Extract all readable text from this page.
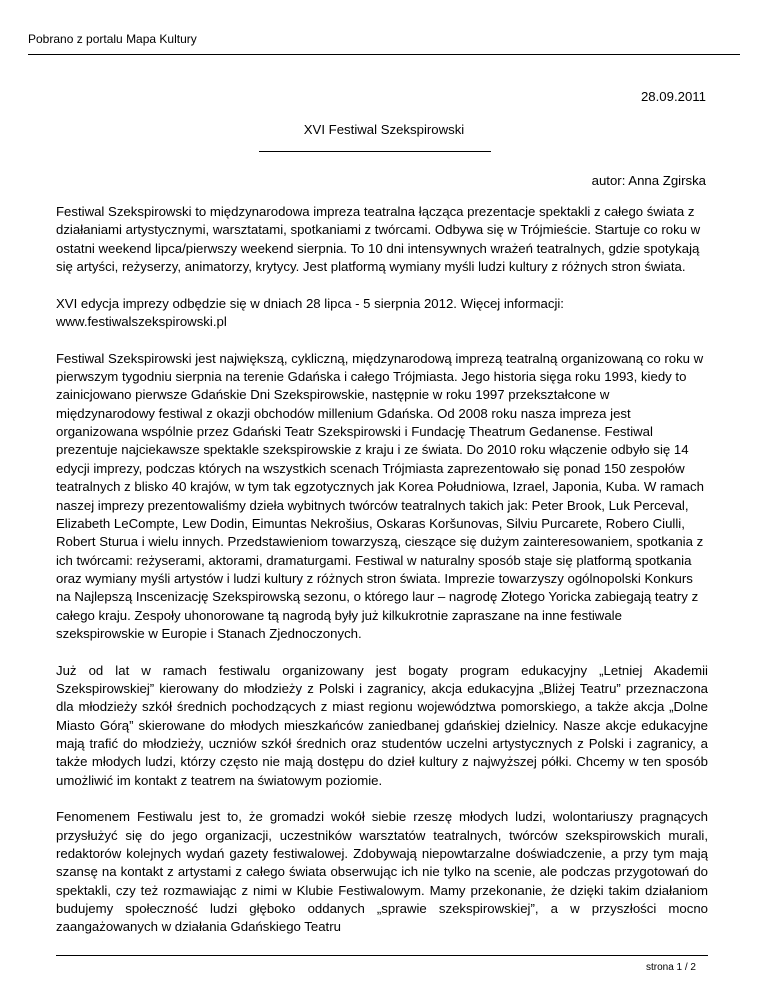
Pobrano z portalu Mapa Kultury
28.09.2011
XVI Festiwal Szekspirowski
autor: Anna Zgirska

Festiwal Szekspirowski to międzynarodowa impreza teatralna łącząca prezentacje spektakli z całego świata z działaniami artystycznymi, warsztatami, spotkaniami z twórcami. Odbywa się w Trójmieście. Startuje co roku w ostatni weekend lipca/pierwszy weekend sierpnia. To 10 dni intensywnych wrażeń teatralnych, gdzie spotykają się artyści, reżyserzy, animatorzy, krytycy. Jest platformą wymiany myśli ludzi kultury z różnych stron świata.

XVI edycja imprezy odbędzie się w dniach 28 lipca - 5 sierpnia 2012. Więcej informacji: www.festiwalszekspirowski.pl

Festiwal Szekspirowski jest największą, cykliczną, międzynarodową imprezą teatralną organizowaną co roku w pierwszym tygodniu sierpnia na terenie Gdańska i całego Trójmiasta. Jego historia sięga roku 1993, kiedy to zainicjowano pierwsze Gdańskie Dni Szekspirowskie, następnie w roku 1997 przekształcone w międzynarodowy festiwal z okazji obchodów millenium Gdańska. Od 2008 roku nasza impreza jest organizowana wspólnie przez Gdański Teatr Szekspirowski i Fundację Theatrum Gedanense. Festiwal prezentuje najciekawsze spektakle szekspirowskie z kraju i ze świata. Do 2010 roku włączenie odbyło się 14 edycji imprezy, podczas których na wszystkich scenach Trójmiasta zaprezentowało się ponad 150 zespołów teatralnych z blisko 40 krajów, w tym tak egzotycznych jak Korea Południowa, Izrael, Japonia, Kuba. W ramach naszej imprezy prezentowaliśmy dzieła wybitnych twórców teatralnych takich jak: Peter Brook, Luk Perceval, Elizabeth LeCompte, Lew Dodin, Eimuntas Nekrošius, Oskaras Koršunovas, Silviu Purcarete, Robero Ciulli, Robert Sturua i wielu innych. Przedstawieniom towarzyszą, cieszące się dużym zainteresowaniem, spotkania z ich twórcami: reżyserami, aktorami, dramaturgami. Festiwal w naturalny sposób staje się platformą spotkania oraz wymiany myśli artystów i ludzi kultury z różnych stron świata. Imprezie towarzyszy ogólnopolski Konkurs na Najlepszą Inscenizację Szekspirowską sezonu, o którego laur – nagrodę Złotego Yoricka zabiegają teatry z całego kraju. Zespoły uhonorowane tą nagrodą były już kilkukrotnie zapraszane na inne festiwale szekspirowskie w Europie i Stanach Zjednoczonych.

Już od lat w ramach festiwalu organizowany jest bogaty program edukacyjny „Letniej Akademii Szekspirowskiej” kierowany do młodzieży z Polski i zagranicy, akcja edukacyjna „Bliżej Teatru” przeznaczona dla młodzieży szkół średnich pochodzących z miast regionu województwa pomorskiego, a także akcja „Dolne Miasto Górą” skierowane do młodych mieszkańców zaniedbanej gdańskiej dzielnicy. Nasze akcje edukacyjne mają trafić do młodzieży, uczniów szkół średnich oraz studentów uczelni artystycznych z Polski i zagranicy, a także młodych ludzi, którzy często nie mają dostępu do dzieł kultury z najwyższej półki. Chcemy w ten sposób umożliwić im kontakt z teatrem na światowym poziomie.

Fenomenem Festiwalu jest to, że gromadzi wokół siebie rzeszę młodych ludzi, wolontariuszy pragnących przysłużyć się do jego organizacji, uczestników warsztatów teatralnych, twórców szekspirowskich murali, redaktorów kolejnych wydań gazety festiwalowej. Zdobywają niepowtarzalne doświadczenie, a przy tym mają szansę na kontakt z artystami z całego świata obserwując ich nie tylko na scenie, ale podczas przygotowań do spektakli, czy też rozmawiając z nimi w Klubie Festiwalowym. Mamy przekonanie, że dzięki takim działaniom budujemy społeczność ludzi głęboko oddanych „sprawie szekspirowskiej”, a w przyszłości mocno zaangażowanych w działania Gdańskiego Teatru

strona 1 / 2
